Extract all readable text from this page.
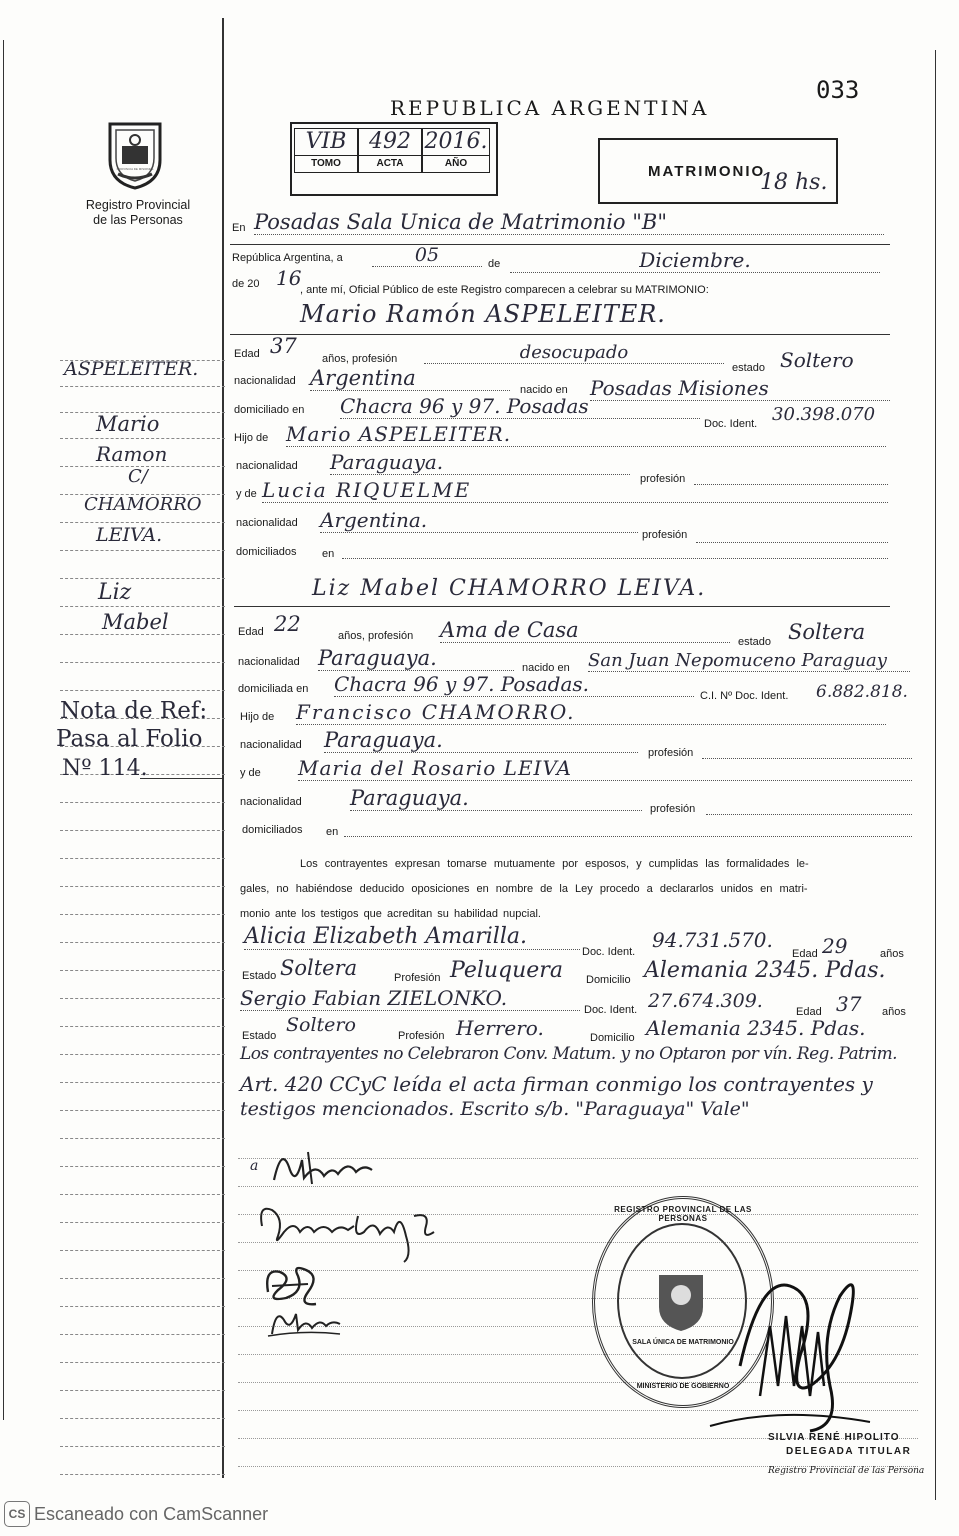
033
REPUBLICA ARGENTINA
PROVINCIA DE MISIONES
Registro Provincial
de las Personas
VIB
TOMO
492
ACTA
2016.
AÑO	MATRIMONIO
18 hs.
En Posadas Sala Unica de Matrimonio "B"
República Argentina, a	05	de	Diciembre.
de 20 16
, ante mí, Oficial Público de este Registro comparecen a celebrar su MATRIMONIO:
Mario Ramón ASPELEITER.
Edad 37
años, profesión	desocupado
estado Soltero
nacionalidad Argentina	nacido en Posadas Misiones
domiciliado en Chacra 96 y 97. Posadas
Doc. Ident. 30.398.070
Hijo de Mario ASPELEITER.
nacionalidad Paraguaya.
profesión
y de Lucia RIQUELME
nacionalidad Argentina.
profesión
domiciliados en
Liz Mabel CHAMORRO LEIVA.
Edad 22	años, profesión Ama de Casa	estado Soltera
nacionalidad Paraguaya.	nacido en San Juan Nepomuceno Paraguay
domiciliada en Chacra 96 y 97. Posadas.	C.I. Nº Doc. Ident. 6.882.818.
Hijo de Francisco CHAMORRO.
nacionalidad Paraguaya.
profesión
y de Maria del Rosario LEIVA
nacionalidad Paraguaya.	profesión
domiciliados en
Los contrayentes expresan tomarse mutuamente por esposos, y cumplidas las formalidades le-
gales, no habiéndose deducido oposiciones en nombre de la Ley procedo a declararlos unidos en matri-
monio ante los testigos que acreditan su habilidad nupcial.
Alicia Elizabeth Amarilla.
Doc. Ident. 94.731.570.
Edad 29	años
Estado Soltera	Profesión Peluquera Domicilio Alemania 2345. Pdas.
Sergio Fabian ZIELONKO.	Doc. Ident. 27.674.309.	Edad 37 años
Estado Soltero	Profesión Herrero.	Domicilio Alemania 2345. Pdas.
Los contrayentes no Celebraron Conv. Matum. y no Optaron por vín. Reg. Patrim.
Art. 420 CCyC leída el acta firman conmigo los contrayentes y
testigos mencionados. Escrito s/b. "Paraguaya" Vale"
ASPELEITER.
Mario
Ramon
C/
CHAMORRO
LEIVA.
Liz
Mabel
Nota de Ref:
Pasa al Folio
Nº 114.
a
REGISTRO PROVINCIAL DE LAS PERSONAS
SALA ÚNICA DE MATRIMONIO
MINISTERIO DE GOBIERNO
SILVIA RENÉ HIPOLITO
DELEGADA TITULAR
Registro Provincial de las Persona
CS Escaneado con CamScanner
